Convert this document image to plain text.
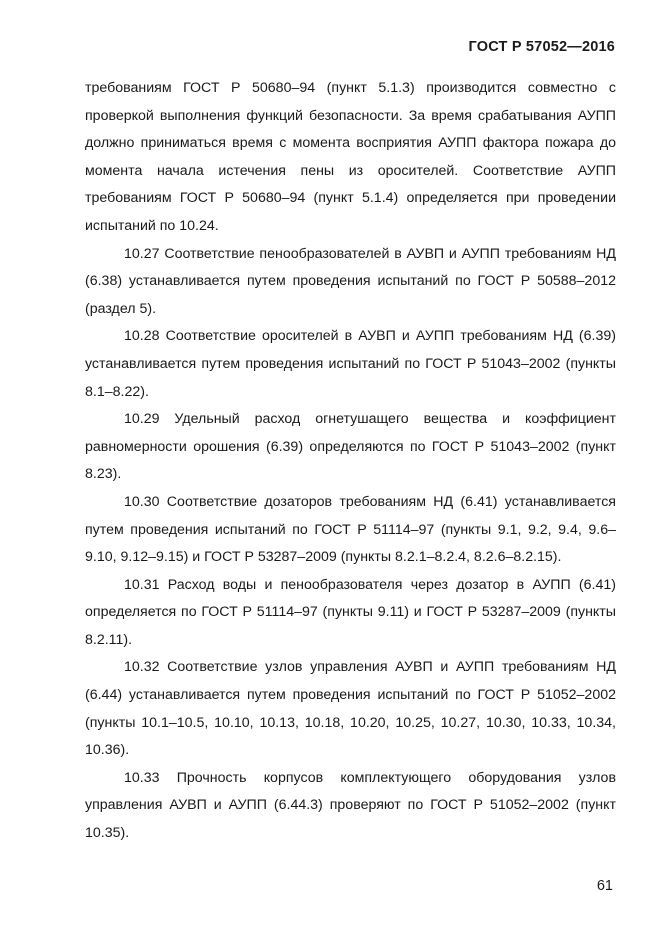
ГОСТ Р 57052—2016

требованиям ГОСТ Р 50680–94 (пункт 5.1.3) производится совместно с проверкой выполнения функций безопасности. За время срабатывания АУПП должно приниматься время с момента восприятия АУПП фактора пожара до момента начала истечения пены из оросителей. Соответствие АУПП требованиям ГОСТ Р 50680–94 (пункт 5.1.4) определяется при проведении испытаний по 10.24.

10.27 Соответствие пенообразователей в АУВП и АУПП требованиям НД (6.38) устанавливается путем проведения испытаний по ГОСТ Р 50588–2012 (раздел 5).

10.28 Соответствие оросителей в АУВП и АУПП требованиям НД (6.39) устанавливается путем проведения испытаний по ГОСТ Р 51043–2002 (пункты 8.1–8.22).

10.29 Удельный расход огнетушащего вещества и коэффициент равномерности орошения (6.39) определяются по ГОСТ Р 51043–2002 (пункт 8.23).

10.30 Соответствие дозаторов требованиям НД (6.41) устанавливается путем проведения испытаний по ГОСТ Р 51114–97 (пункты 9.1, 9.2, 9.4, 9.6–9.10, 9.12–9.15) и ГОСТ Р 53287–2009 (пункты 8.2.1–8.2.4, 8.2.6–8.2.15).

10.31 Расход воды и пенообразователя через дозатор в АУПП (6.41) определяется по ГОСТ Р 51114–97 (пункты 9.11) и ГОСТ Р 53287–2009 (пункты 8.2.11).

10.32 Соответствие узлов управления АУВП и АУПП требованиям НД (6.44) устанавливается путем проведения испытаний по ГОСТ Р 51052–2002 (пункты 10.1–10.5, 10.10, 10.13, 10.18, 10.20, 10.25, 10.27, 10.30, 10.33, 10.34, 10.36).

10.33 Прочность корпусов комплектующего оборудования узлов управления АУВП и АУПП (6.44.3) проверяют по ГОСТ Р 51052–2002 (пункт 10.35).

61
